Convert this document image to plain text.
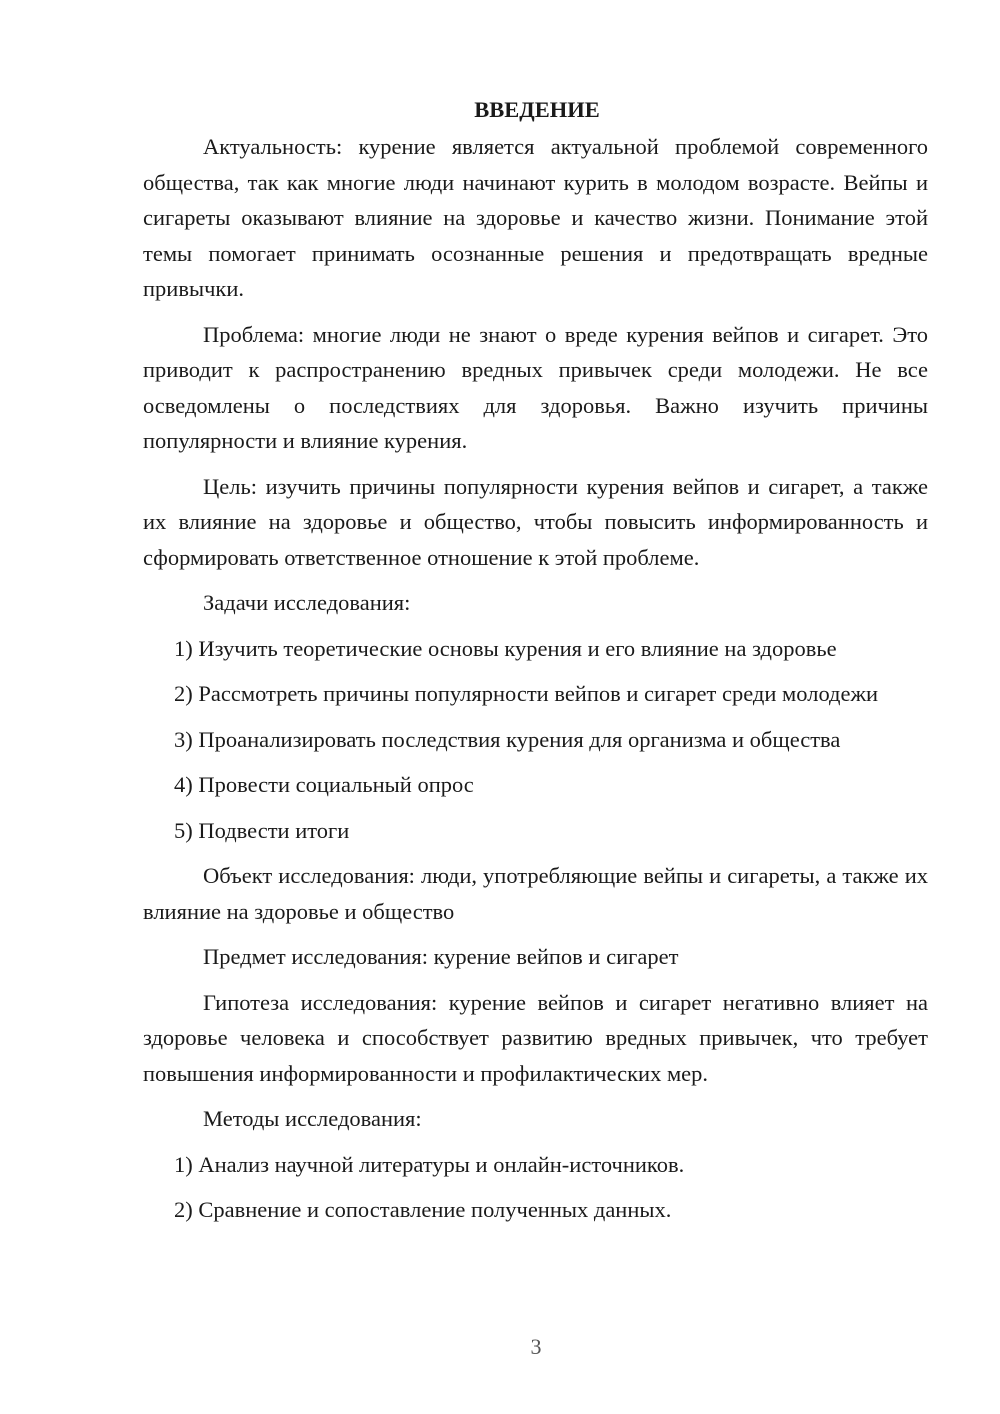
ВВЕДЕНИЕ

Актуальность: курение является актуальной проблемой современного общества, так как многие люди начинают курить в молодом возрасте. Вейпы и сигареты оказывают влияние на здоровье и качество жизни. Понимание этой темы помогает принимать осознанные решения и предотвращать вредные привычки.

Проблема: многие люди не знают о вреде курения вейпов и сигарет. Это приводит к распространению вредных привычек среди молодежи. Не все осведомлены о последствиях для здоровья. Важно изучить причины популярности и влияние курения.

Цель: изучить причины популярности курения вейпов и сигарет, а также их влияние на здоровье и общество, чтобы повысить информированность и сформировать ответственное отношение к этой проблеме.

Задачи исследования:

1) Изучить теоретические основы курения и его влияние на здоровье

2) Рассмотреть причины популярности вейпов и сигарет среди молодежи

3) Проанализировать последствия курения для организма и общества

4) Провести социальный опрос

5) Подвести итоги

Объект исследования: люди, употребляющие вейпы и сигареты, а также их влияние на здоровье и общество

Предмет исследования: курение вейпов и сигарет

Гипотеза исследования: курение вейпов и сигарет негативно влияет на здоровье человека и способствует развитию вредных привычек, что требует повышения информированности и профилактических мер.

Методы исследования:

1) Анализ научной литературы и онлайн-источников.

2) Сравнение и сопоставление полученных данных.

3
